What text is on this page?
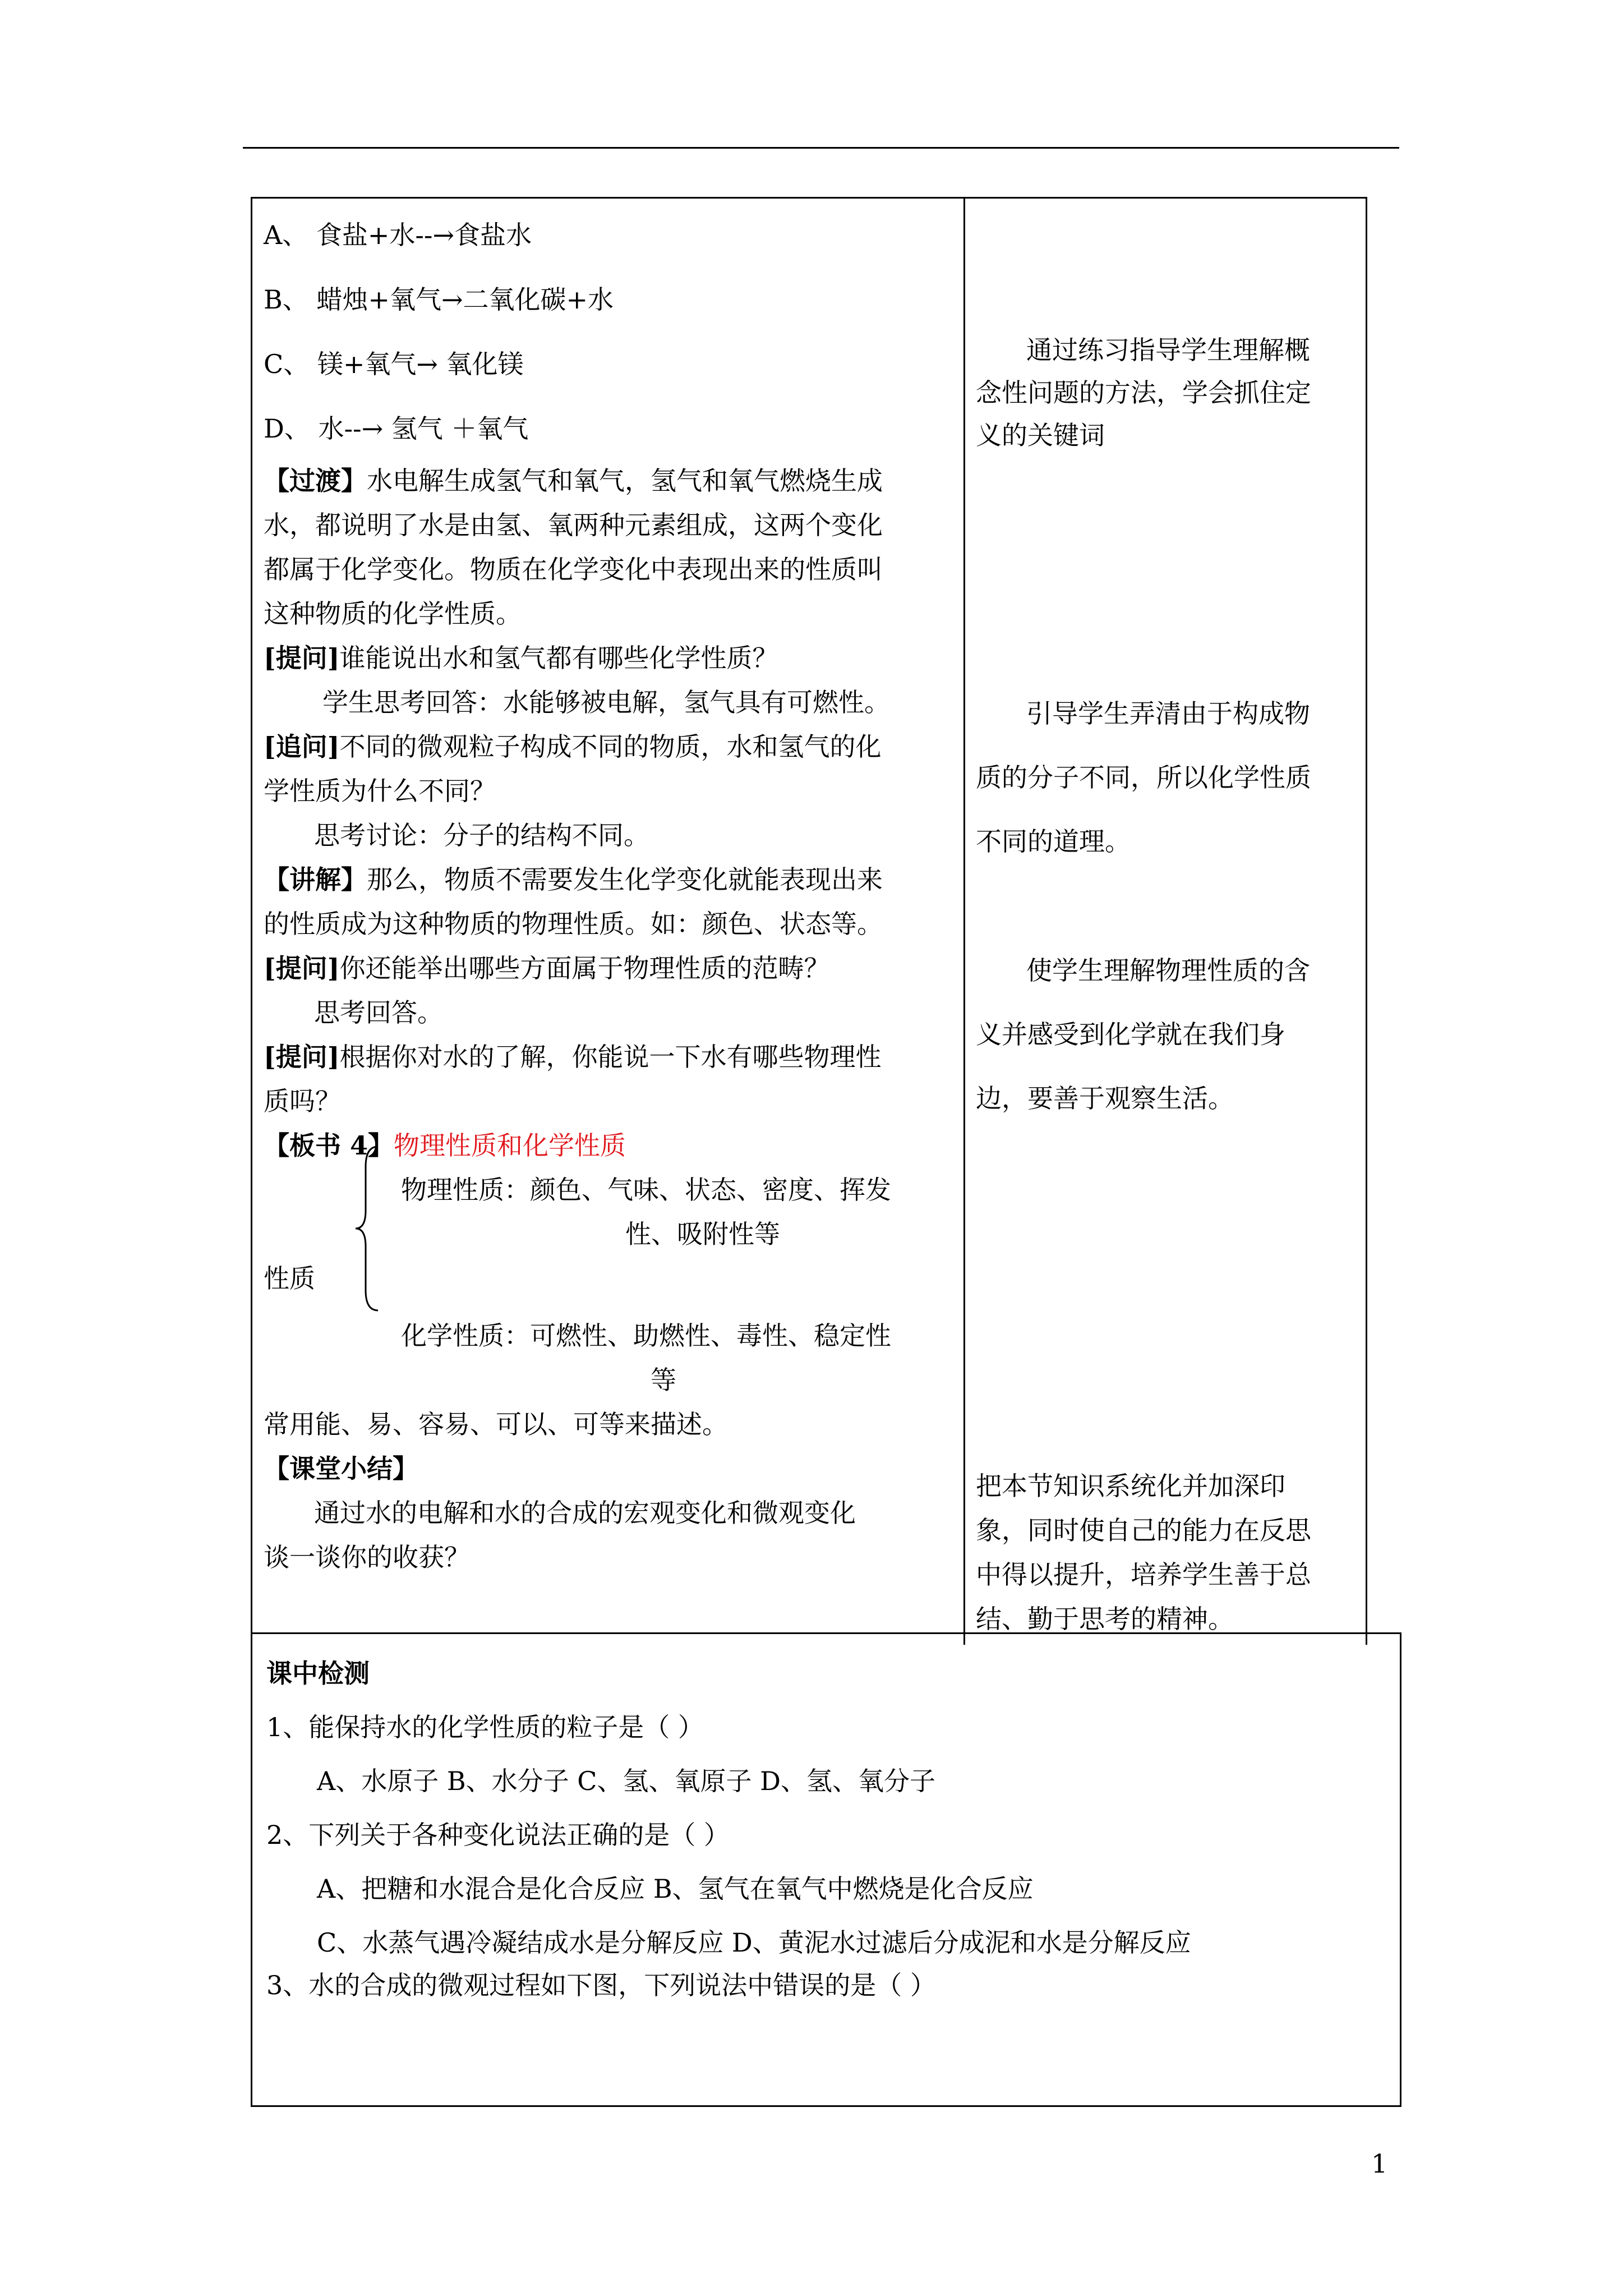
A、 食盐+水--→食盐水
B、 蜡烛+氧气→二氧化碳+水
C、 镁+氧气→ 氧化镁
D、 水--→ 氢气 ＋氧气
【过渡】水电解生成氢气和氧气，氢气和氧气燃烧生成
水，都说明了水是由氢、氧两种元素组成，这两个变化
都属于化学变化。物质在化学变化中表现出来的性质叫
这种物质的化学性质。
[提问]谁能说出水和氢气都有哪些化学性质？
学生思考回答：水能够被电解，氢气具有可燃性。
[追问]不同的微观粒子构成不同的物质，水和氢气的化
学性质为什么不同？
思考讨论：分子的结构不同。
【讲解】那么，物质不需要发生化学变化就能表现出来
的性质成为这种物质的物理性质。如：颜色、状态等。
[提问]你还能举出哪些方面属于物理性质的范畴？
思考回答。
[提问]根据你对水的了解，你能说一下水有哪些物理性
质吗？
【板书 4】物理性质和化学性质
物理性质：颜色、气味、状态、密度、挥发
性、吸附性等
性质
化学性质：可燃性、助燃性、毒性、稳定性
等
常用能、易、容易、可以、可等来描述。
【课堂小结】
通过水的电解和水的合成的宏观变化和微观变化
谈一谈你的收获？
通过练习指导学生理解概
念性问题的方法，学会抓住定
义的关键词
引导学生弄清由于构成物
质的分子不同，所以化学性质
不同的道理。
使学生理解物理性质的含
义并感受到化学就在我们身
边，要善于观察生活。
把本节知识系统化并加深印
象，同时使自己的能力在反思
中得以提升，培养学生善于总
结、勤于思考的精神。
课中检测
1、能保持水的化学性质的粒子是（ ）
A、水原子 B、水分子 C、氢、氧原子 D、氢、氧分子
2、下列关于各种变化说法正确的是（ ）
A、把糖和水混合是化合反应 B、氢气在氧气中燃烧是化合反应
C、水蒸气遇冷凝结成水是分解反应 D、黄泥水过滤后分成泥和水是分解反应
3、水的合成的微观过程如下图，下列说法中错误的是（ ）
1
